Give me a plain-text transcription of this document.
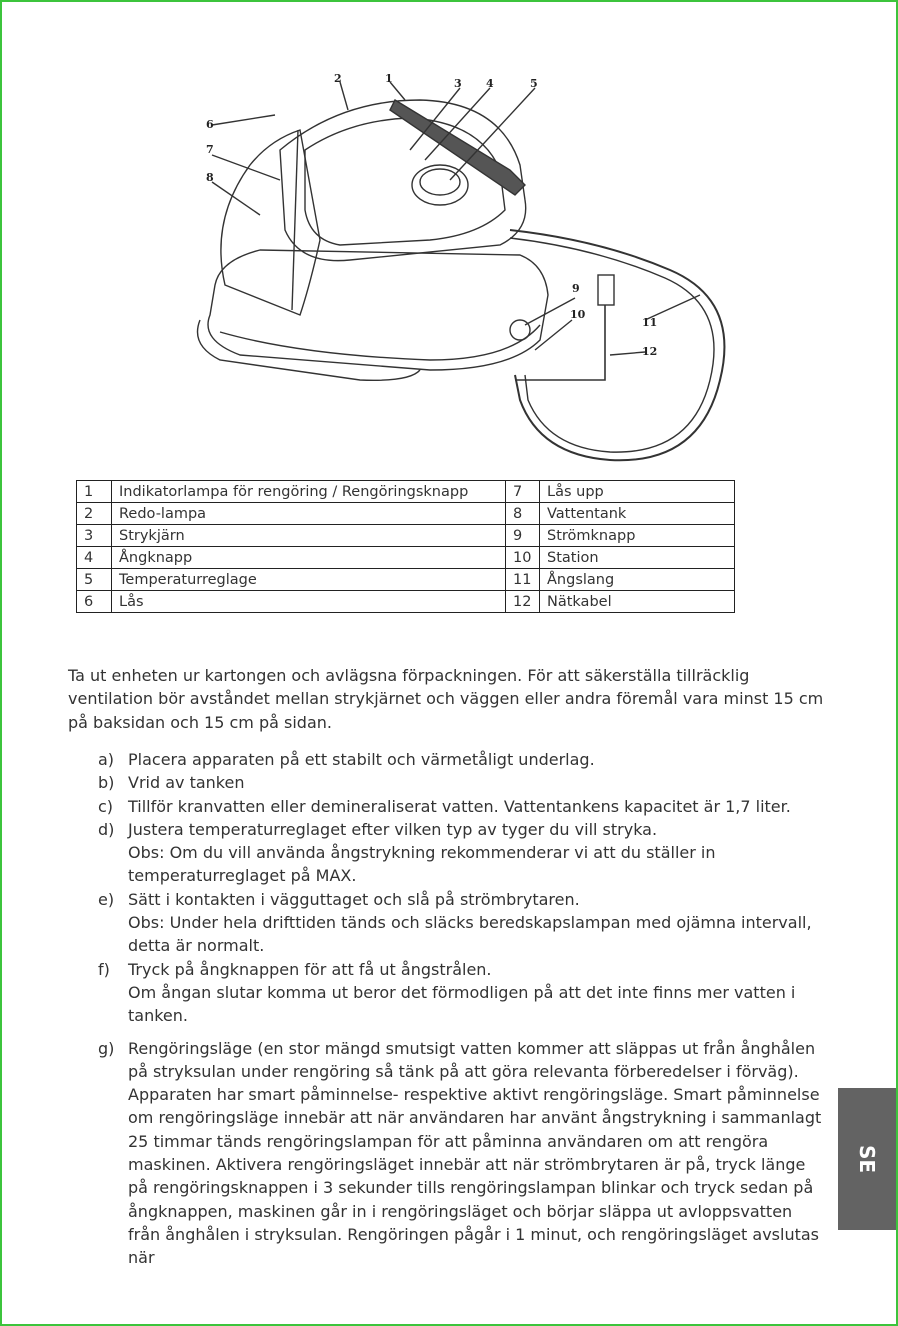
6
7
8
2	1	3 4	5
9
10
11
12
1	Indikatorlampa för rengöring / Rengöringsknapp	7	Lås upp
2	Redo-lampa	8	Vattentank
3	Strykjärn	9	Strömknapp
4	Ångknapp	10	Station
5	Temperaturreglage	11	Ångslang
6	Lås	12	Nätkabel
Ta ut enheten ur kartongen och avlägsna förpackningen. För att säkerställa tillräcklig ventilation bör avståndet mellan strykjärnet och väggen eller andra föremål vara minst 15 cm på baksidan och 15 cm på sidan.
a) Placera apparaten på ett stabilt och värmetåligt underlag.
b) Vrid av tanken
c) Tillför kranvatten eller demineraliserat vatten. Vattentankens kapacitet är 1,7 liter.
d) Justera temperaturreglaget efter vilken typ av tyger du vill stryka.
Obs: Om du vill använda ångstrykning rekommenderar vi att du ställer in temperaturreglaget på MAX.
e) Sätt i kontakten i vägguttaget och slå på strömbrytaren.
Obs: Under hela drifttiden tänds och släcks beredskapslampan med ojämna intervall, detta är normalt.
f) Tryck på ångknappen för att få ut ångstrålen.
Om ångan slutar komma ut beror det förmodligen på att det inte finns mer vatten i tanken.
g) Rengöringsläge (en stor mängd smutsigt vatten kommer att släppas ut från ånghålen på stryksulan under rengöring så tänk på att göra relevanta förberedelser i förväg). Apparaten har smart påminnelse- respektive aktivt rengöringsläge. Smart påminnelse om rengöringsläge innebär att när användaren har använt ångstrykning i sammanlagt 25 timmar tänds rengöringslampan för att påminna användaren om att rengöra maskinen. Aktivera rengöringsläget innebär att när strömbrytaren är på, tryck länge på rengöringsknappen i 3 sekunder tills rengöringslampan blinkar och tryck sedan på ångknappen, maskinen går in i rengöringsläget och börjar släppa ut avloppsvatten från ånghålen i stryksulan. Rengöringen pågår i 1 minut, och rengöringsläget avslutas när
SE
